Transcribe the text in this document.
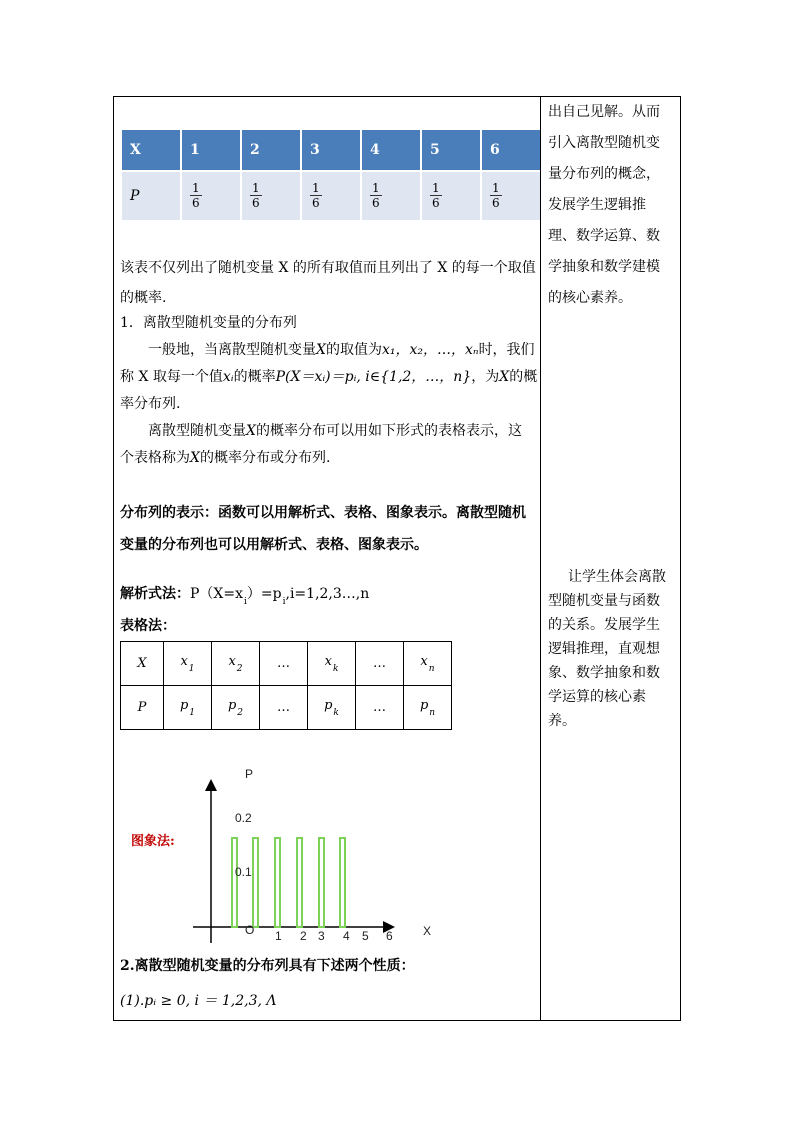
出自己见解。从而
引入离散型随机变
量分布列的概念，
发展学生逻辑推
理、数学运算、数
学抽象和数学建模
的核心素养。
让学生体会离散
型随机变量与函数
的关系。发展学生
逻辑推理，直观想
象、数学抽象和数
学运算的核心素
养。
X	1	2	3	4	5	6
P	$\frac{1}{6}$	$\frac{1}{6}$	$\frac{1}{6}$	$\frac{1}{6}$	$\frac{1}{6}$	$\frac{1}{6}$
该表不仅列出了随机变量 X 的所有取值而且列出了 X 的每一个取值
的概率.
1．离散型随机变量的分布列
一般地，当离散型随机变量X的取值为x₁，x₂，…，xₙ时，我们
称 X 取每一个值xᵢ的概率P(X＝xᵢ)＝pᵢ, i∈{1,2，…，n}，为X的概
率分布列.
离散型随机变量X的概率分布可以用如下形式的表格表示，这
个表格称为X的概率分布或分布列.
分布列的表示：函数可以用解析式、表格、图象表示。离散型随机
变量的分布列也可以用解析式、表格、图象表示。
解析式法：$P(X=x_i)=p_i,i=1,2,3\dots,n$
表格法：
X	$x_1$	$x_2$	…	$x_k$	…	$x_n$
P	$p_1$	$p_2$	…	$p_k$	…	$p_n$
图象法:
1 2 3 4 5 6
O
0.1
0.2
P
X
2.离散型随机变量的分布列具有下述两个性质：
(1).pᵢ ≥ 0, i ＝ 1,2,3, Λ
